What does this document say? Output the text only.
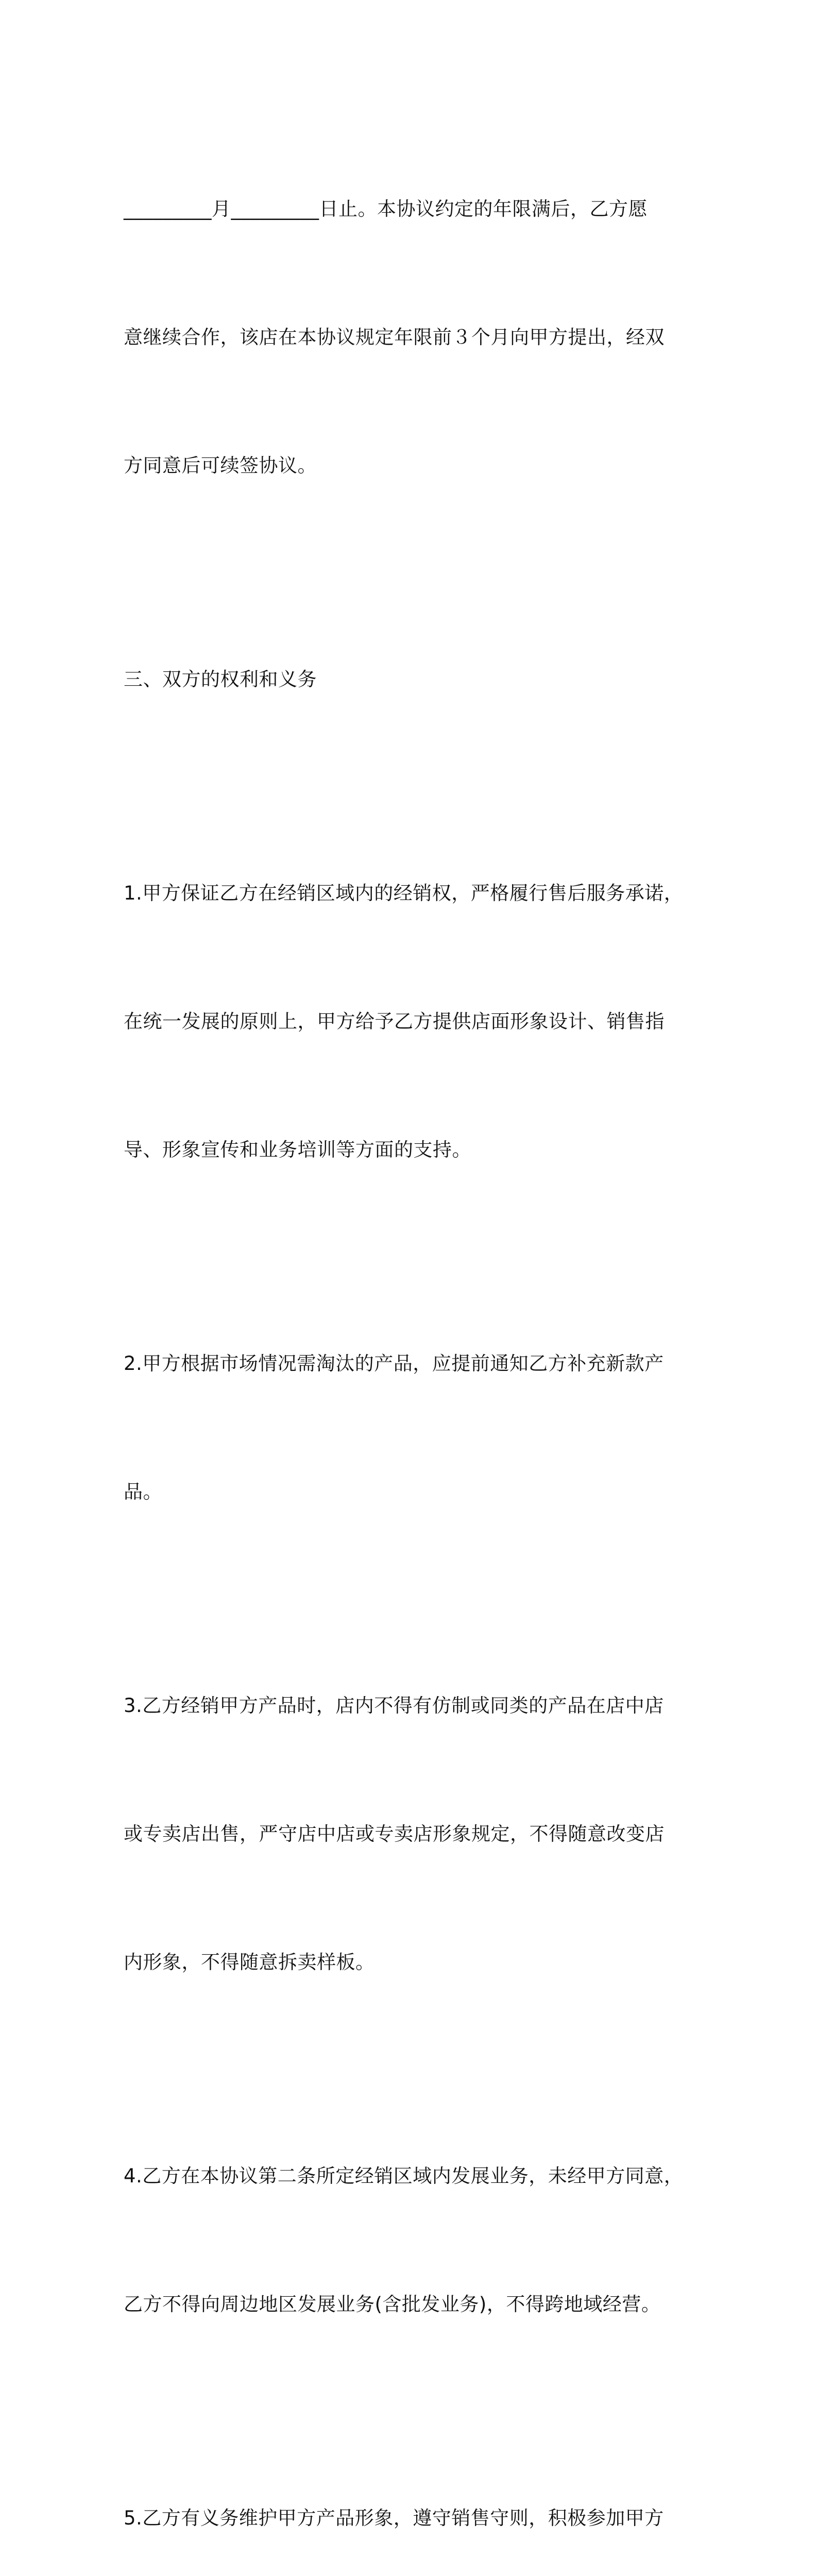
_________月_________日止。本协议约定的年限满后，乙方愿

意继续合作，该店在本协议规定年限前３个月向甲方提出，经双

方同意后可续签协议。

三、双方的权利和义务

1.甲方保证乙方在经销区域内的经销权，严格履行售后服务承诺，

在统一发展的原则上，甲方给予乙方提供店面形象设计、销售指

导、形象宣传和业务培训等方面的支持。

2.甲方根据市场情况需淘汰的产品，应提前通知乙方补充新款产

品。

3.乙方经销甲方产品时，店内不得有仿制或同类的产品在店中店

或专卖店出售，严守店中店或专卖店形象规定，不得随意改变店

内形象，不得随意拆卖样板。

4.乙方在本协议第二条所定经销区域内发展业务，未经甲方同意，

乙方不得向周边地区发展业务(含批发业务)，不得跨地域经营。

5.乙方有义务维护甲方产品形象，遵守销售守则，积极参加甲方
